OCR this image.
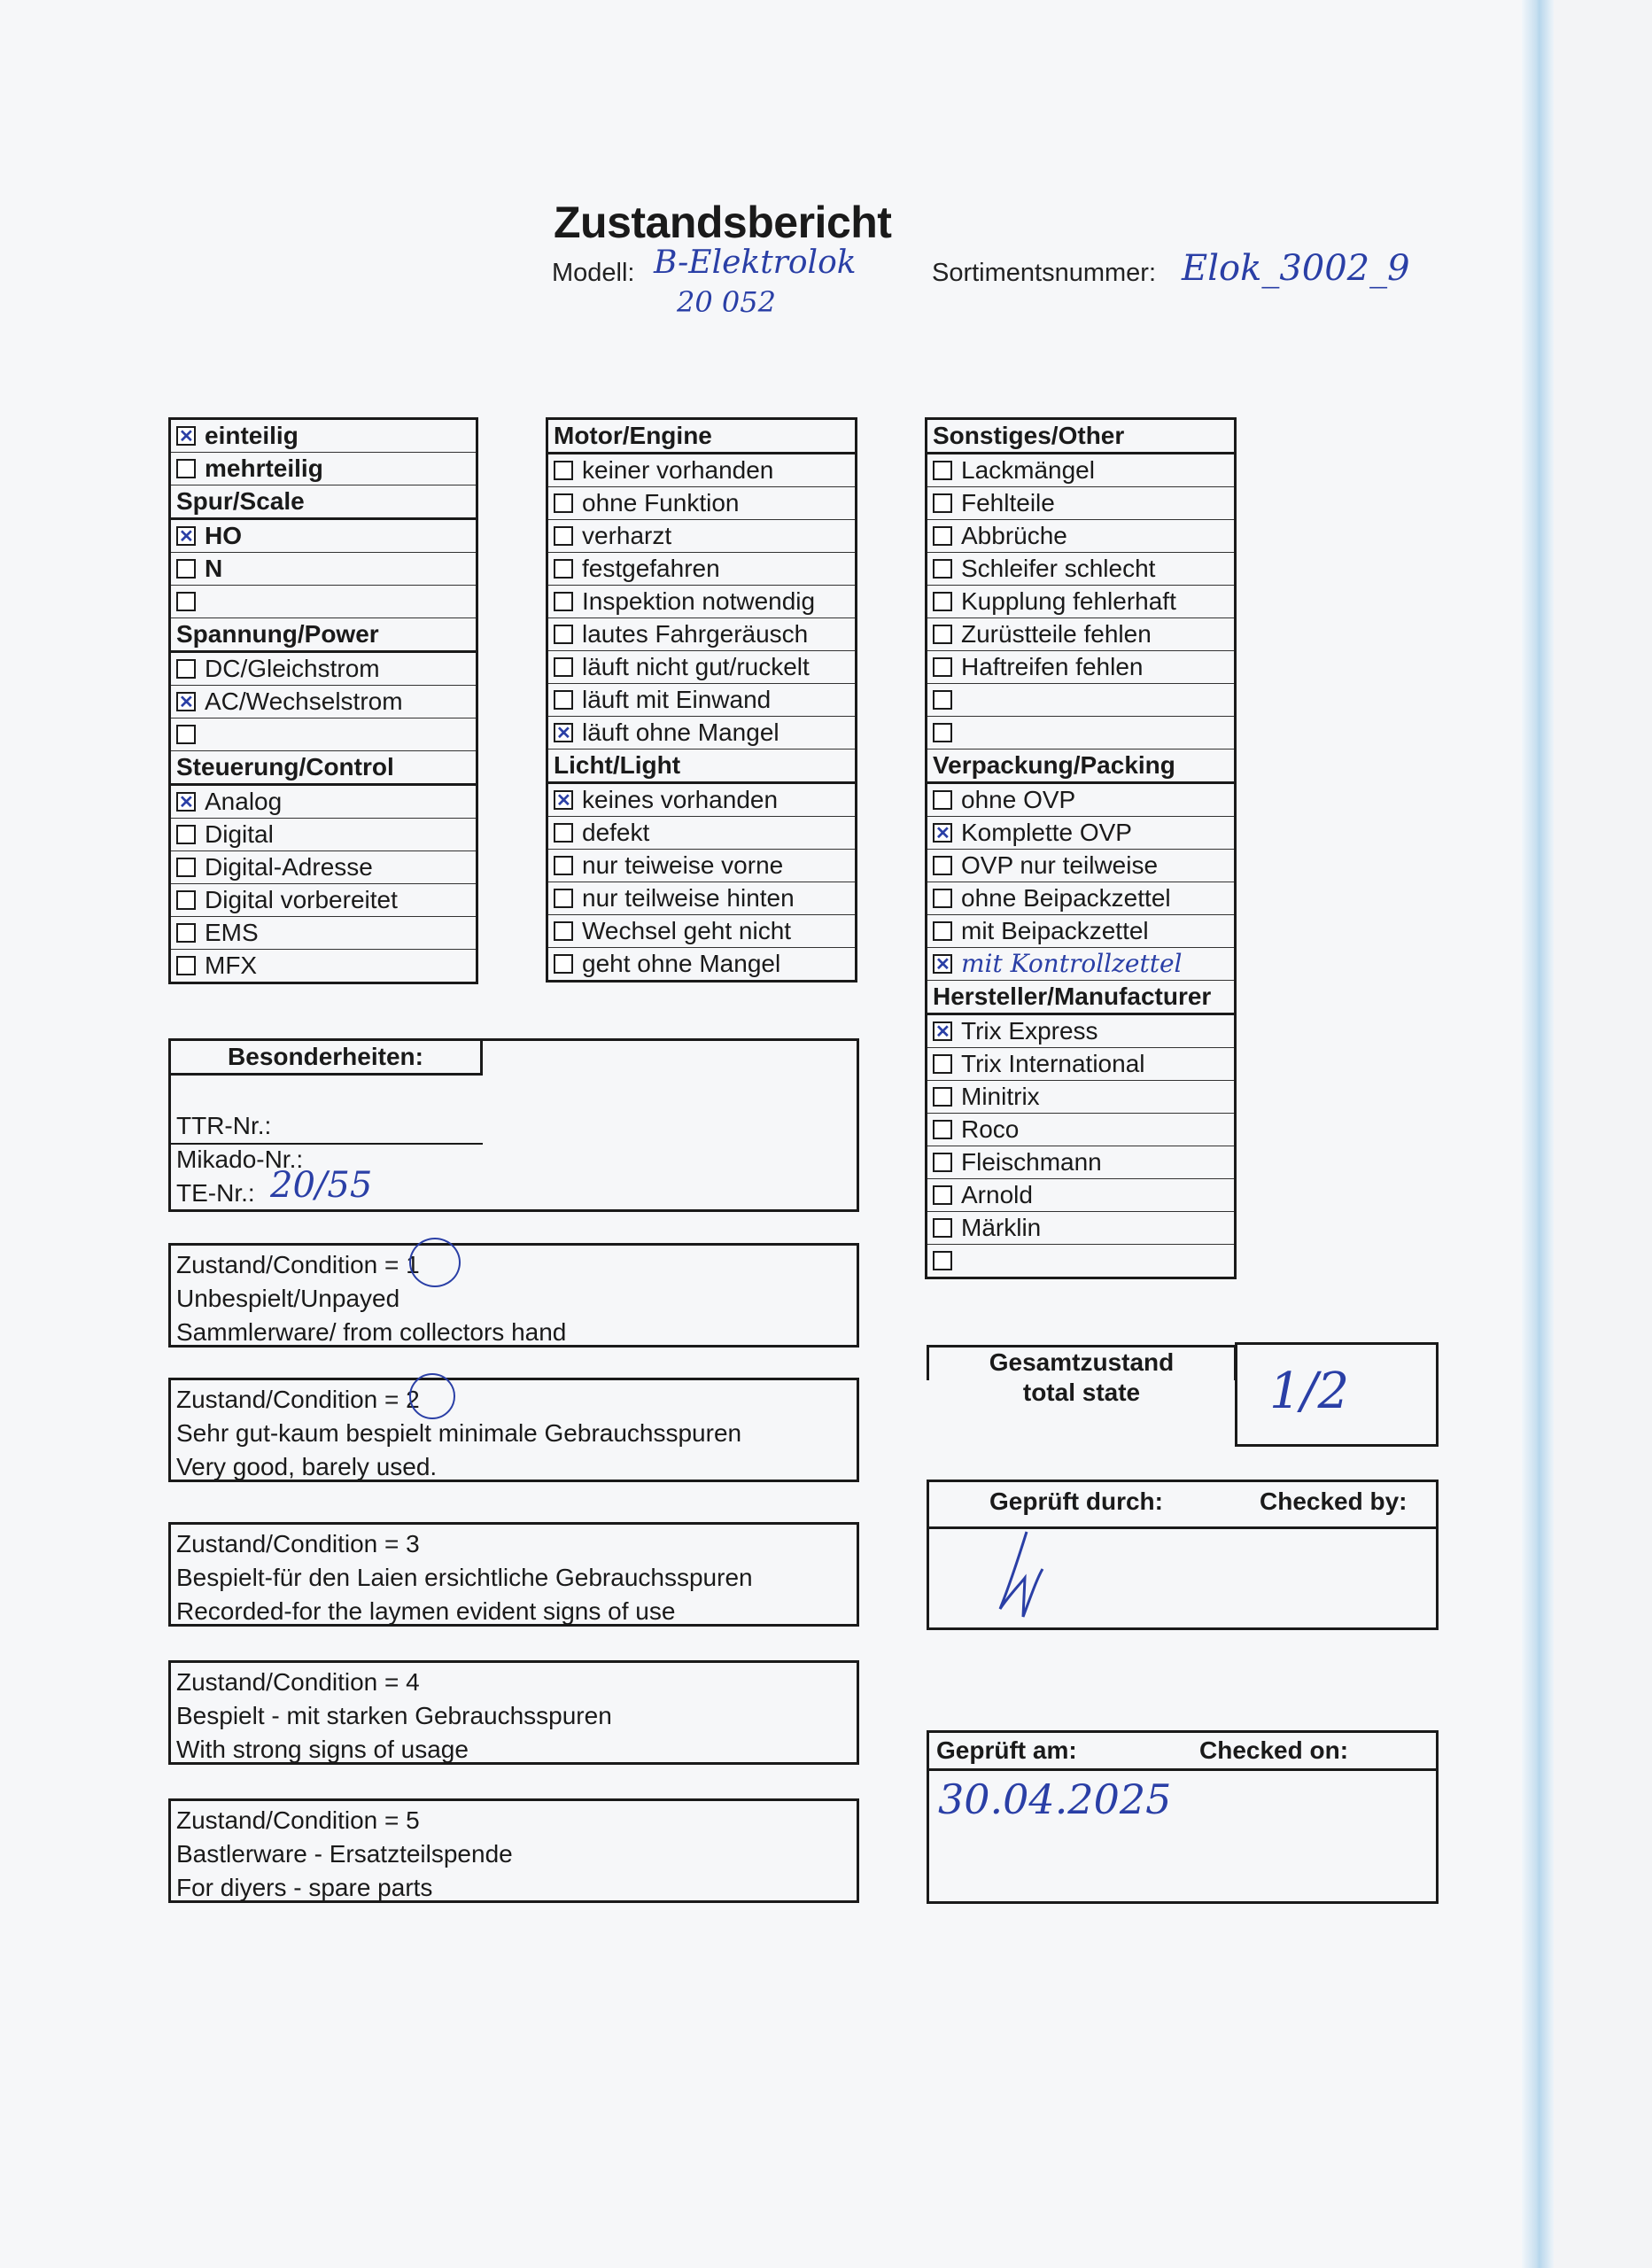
Zustandsbericht
Modell: B-Elektrolok
20 052
Sortimentsnummer: Elok_3002_9
✕einteilig
mehrteilig
Spur/Scale
✕HO
N

Spannung/Power
DC/Gleichstrom
✕AC/Wechselstrom

Steuerung/Control
✕Analog
Digital
Digital-Adresse
Digital vorbereitet
EMS
MFX
Motor/Engine
keiner vorhanden
ohne Funktion
verharzt
festgefahren
Inspektion notwendig
lautes Fahrgeräusch
läuft nicht gut/ruckelt
läuft mit Einwand
✕läuft ohne Mangel
Licht/Light
✕keines vorhanden
defekt
nur teiweise vorne
nur teilweise hinten
Wechsel geht nicht
geht ohne Mangel
Sonstiges/Other
Lackmängel
Fehlteile
Abbrüche
Schleifer schlecht
Kupplung fehlerhaft
Zurüstteile fehlen
Haftreifen fehlen

Verpackung/Packing
ohne OVP
✕Komplette OVP
OVP nur teilweise
ohne Beipackzettel
mit Beipackzettel
✕mit Kontrollzettel
Hersteller/Manufacturer
✕Trix Express
Trix International
Minitrix
Roco
Fleischmann
Arnold
Märklin

Besonderheiten:
TTR-Nr.:
Mikado-Nr.:
TE-Nr.: 20/55
Zustand/Condition = 1
Unbespielt/Unpayed
Sammlerware/ from collectors hand
Zustand/Condition = 2
Sehr gut-kaum bespielt minimale Gebrauchsspuren
Very good, barely used.
Zustand/Condition = 3
Bespielt-für den Laien ersichtliche Gebrauchsspuren
Recorded-for the laymen evident signs of use
Zustand/Condition = 4
Bespielt - mit starken Gebrauchsspuren
With strong signs of usage
Zustand/Condition = 5
Bastlerware - Ersatzteilspende
For diyers - spare parts
Gesamtzustand
total state	1/2
Geprüft durch:	Checked by:
Geprüft am:	Checked on:
30.04.2025
